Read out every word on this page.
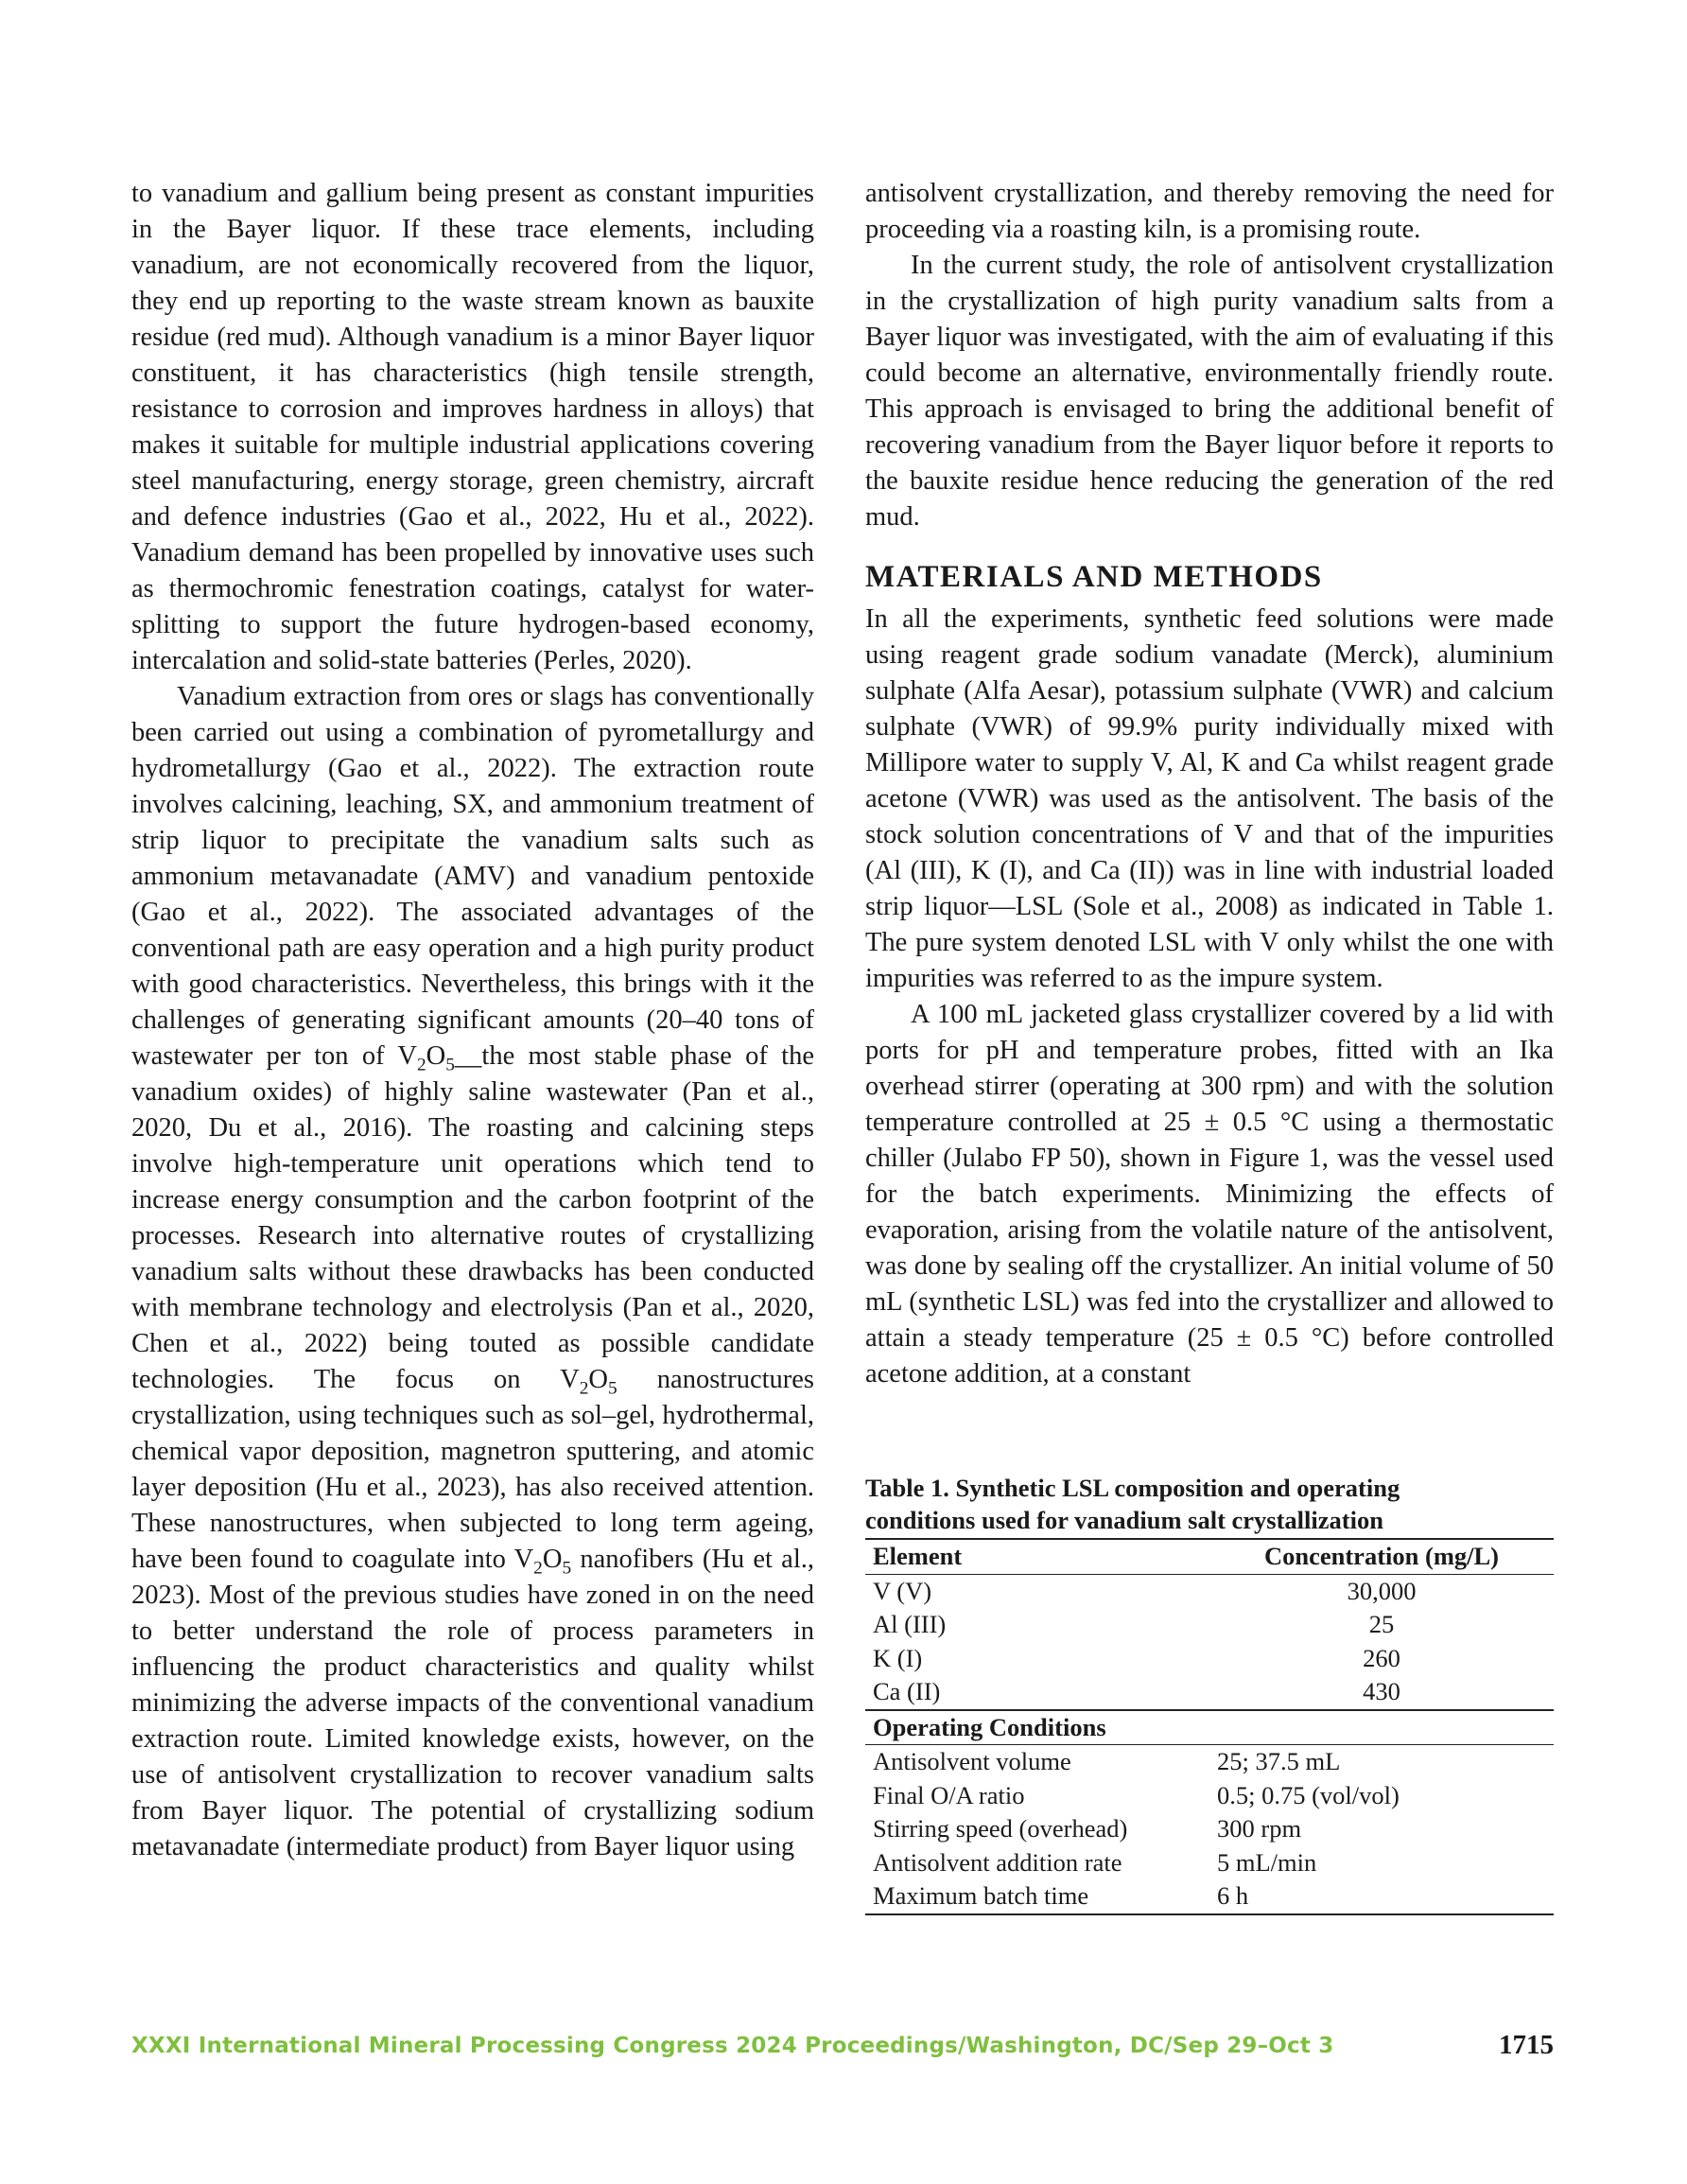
to vanadium and gallium being present as constant impurities in the Bayer liquor. If these trace elements, including vanadium, are not economically recovered from the liquor, they end up reporting to the waste stream known as bauxite residue (red mud). Although vanadium is a minor Bayer liquor constituent, it has characteristics (high tensile strength, resistance to corrosion and improves hardness in alloys) that makes it suitable for multiple industrial applications covering steel manufacturing, energy storage, green chemistry, aircraft and defence industries (Gao et al., 2022, Hu et al., 2022). Vanadium demand has been propelled by innovative uses such as thermochromic fenestration coatings, catalyst for water-splitting to support the future hydrogen-based economy, intercalation and solid-state batteries (Perles, 2020).

Vanadium extraction from ores or slags has conventionally been carried out using a combination of pyrometallurgy and hydrometallurgy (Gao et al., 2022). The extraction route involves calcining, leaching, SX, and ammonium treatment of strip liquor to precipitate the vanadium salts such as ammonium metavanadate (AMV) and vanadium pentoxide (Gao et al., 2022). The associated advantages of the conventional path are easy operation and a high purity product with good characteristics. Nevertheless, this brings with it the challenges of generating significant amounts (20–40 tons of wastewater per ton of $V_2O_5\_\_the$ most stable phase of the vanadium oxides) of highly saline wastewater (Pan et al., 2020, Du et al., 2016). The roasting and calcining steps involve high-temperature unit operations which tend to increase energy consumption and the carbon footprint of the processes. Research into alternative routes of crystallizing vanadium salts without these drawbacks has been conducted with membrane technology and electrolysis (Pan et al., 2020, Chen et al., 2022) being touted as possible candidate technologies. The focus on $V_2O_5$ nanostructures crystallization, using techniques such as sol–gel, hydrothermal, chemical vapor deposition, magnetron sputtering, and atomic layer deposition (Hu et al., 2023), has also received attention. These nanostructures, when subjected to long term ageing, have been found to coagulate into $V_2O_5$ nanofibers (Hu et al., 2023). Most of the previous studies have zoned in on the need to better understand the role of process parameters in influencing the product characteristics and quality whilst minimizing the adverse impacts of the conventional vanadium extraction route. Limited knowledge exists, however, on the use of antisolvent crystallization to recover vanadium salts from Bayer liquor. The potential of crystallizing sodium metavanadate (intermediate product) from Bayer liquor using

antisolvent crystallization, and thereby removing the need for proceeding via a roasting kiln, is a promising route.

In the current study, the role of antisolvent crystallization in the crystallization of high purity vanadium salts from a Bayer liquor was investigated, with the aim of evaluating if this could become an alternative, environmentally friendly route. This approach is envisaged to bring the additional benefit of recovering vanadium from the Bayer liquor before it reports to the bauxite residue hence reducing the generation of the red mud.

MATERIALS AND METHODS

In all the experiments, synthetic feed solutions were made using reagent grade sodium vanadate (Merck), aluminium sulphate (Alfa Aesar), potassium sulphate (VWR) and calcium sulphate (VWR) of 99.9% purity individually mixed with Millipore water to supply V, Al, K and Ca whilst reagent grade acetone (VWR) was used as the antisolvent. The basis of the stock solution concentrations of V and that of the impurities (Al (III), K (I), and Ca (II)) was in line with industrial loaded strip liquor—LSL (Sole et al., 2008) as indicated in Table 1. The pure system denoted LSL with V only whilst the one with impurities was referred to as the impure system.

A 100 mL jacketed glass crystallizer covered by a lid with ports for pH and temperature probes, fitted with an Ika overhead stirrer (operating at 300 rpm) and with the solution temperature controlled at 25 ± 0.5 °C using a thermostatic chiller (Julabo FP 50), shown in Figure 1, was the vessel used for the batch experiments. Minimizing the effects of evaporation, arising from the volatile nature of the antisolvent, was done by sealing off the crystallizer. An initial volume of 50 mL (synthetic LSL) was fed into the crystallizer and allowed to attain a steady temperature (25 ± 0.5 °C) before controlled acetone addition, at a constant

Table 1. Synthetic LSL composition and operating
conditions used for vanadium salt crystallization
Element	Concentration (mg/L)
V (V)	30,000
Al (III)	25
K (I)	260
Ca (II)	430
Operating Conditions	
Antisolvent volume	25; 37.5 mL
Final O/A ratio	0.5; 0.75 (vol/vol)
Stirring speed (overhead)	300 rpm
Antisolvent addition rate	5 mL/min
Maximum batch time	6 h
XXXI International Mineral Processing Congress 2024 Proceedings/Washington, DC/Sep 29–Oct 3	1715
